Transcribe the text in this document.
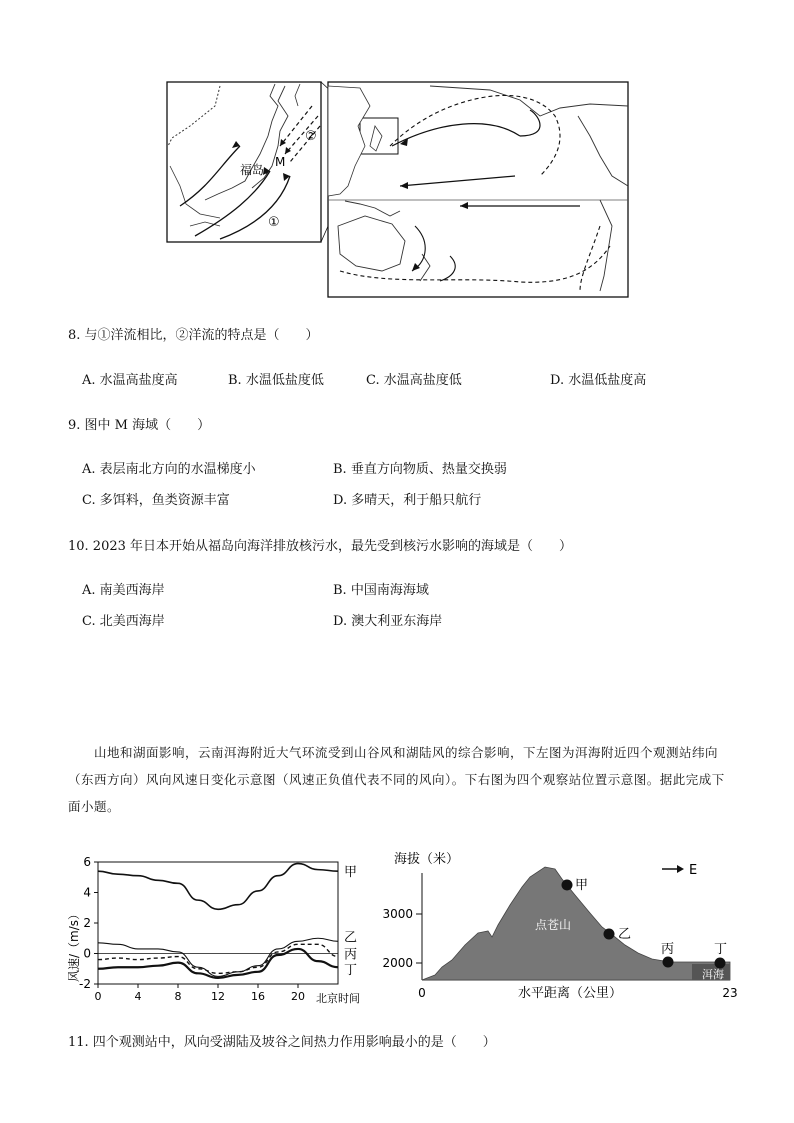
福岛
M
①
②
8. 与①洋流相比，②洋流的特点是（　　）
A. 水温高盐度高	B. 水温低盐度低	C. 水温高盐度低	D. 水温低盐度高
9. 图中 M 海域（　　）
A. 表层南北方向的水温梯度小	B. 垂直方向物质、热量交换弱
C. 多饵料，鱼类资源丰富	D. 多晴天，利于船只航行
10. 2023 年日本开始从福岛向海洋排放核污水，最先受到核污水影响的海域是（　　）
A. 南美西海岸	B. 中国南海海域
C. 北美西海岸	D. 澳大利亚东海岸
山地和湖面影响，云南洱海附近大气环流受到山谷风和湖陆风的综合影响，下左图为洱海附近四个观测站纬向（东西方向）风向风速日变化示意图（风速正负值代表不同的风向）。下右图为四个观察站位置示意图。据此完成下面小题。
风速/（m/s）
-2
0
2
4
6
0	4	8	12 16 20
甲
乙
丙
丁
北京时间
海拔（米）
3000
2000
点苍山
洱海
甲
乙
丙	丁
E
0	23
水平距离（公里）
11. 四个观测站中，风向受湖陆及坡谷之间热力作用影响最小的是（　　）
